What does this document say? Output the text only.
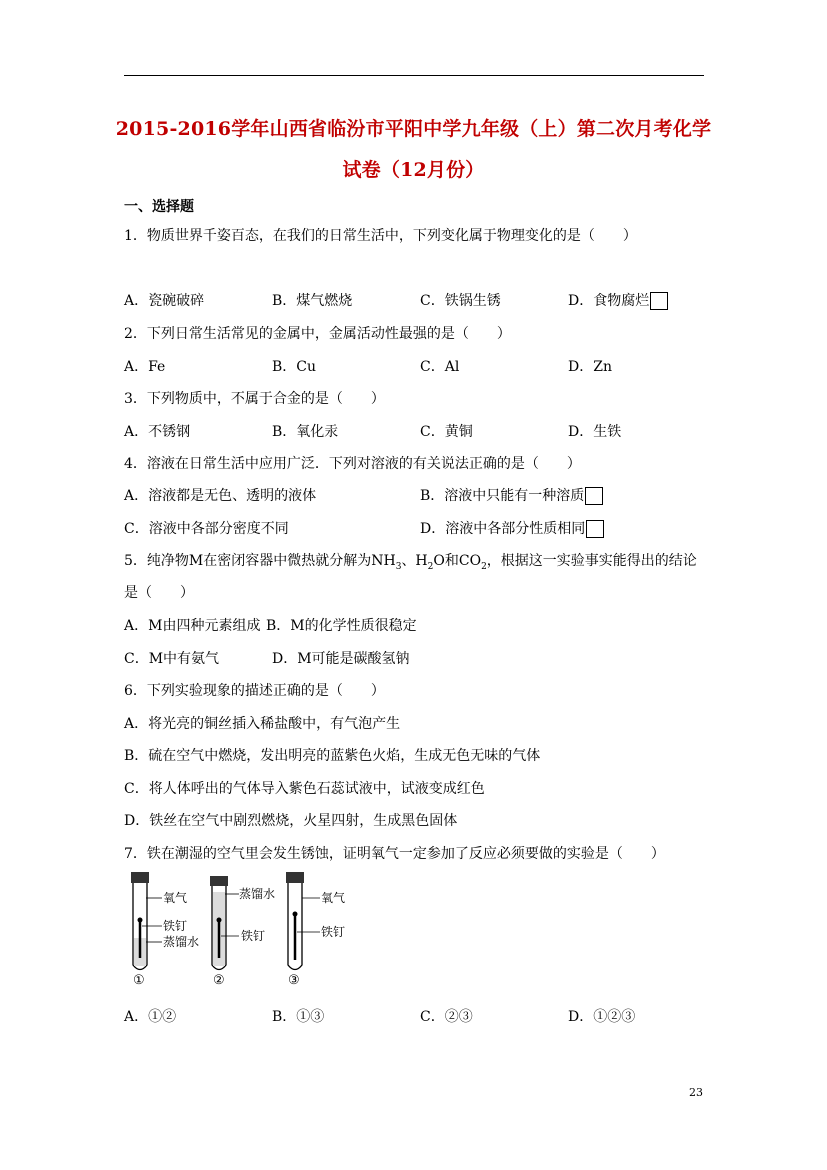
2015-2016学年山西省临汾市平阳中学九年级（上）第二次月考化学
试卷（12月份）
一、选择题
1．物质世界千姿百态，在我们的日常生活中，下列变化属于物理变化的是（　　）
A．瓷碗破碎	B．煤气燃烧	C．铁锅生锈	D．食物腐烂
2．下列日常生活常见的金属中，金属活动性最强的是（　　）
A．Fe	B．Cu	C．Al	D．Zn
3．下列物质中，不属于合金的是（　　）
A．不锈钢	B．氧化汞	C．黄铜	D．生铁
4．溶液在日常生活中应用广泛．下列对溶液的有关说法正确的是（　　）
A．溶液都是无色、透明的液体	B．溶液中只能有一种溶质
C．溶液中各部分密度不同	D．溶液中各部分性质相同
5．纯净物M在密闭容器中微热就分解为$NH_3$、$H_2O$和$CO_2$，根据这一实验事实能得出的结论
是（　　）
A．M由四种元素组成 B．M的化学性质很稳定
C．M中有氨气	D．M可能是碳酸氢钠
6．下列实验现象的描述正确的是（　　）
A．将光亮的铜丝插入稀盐酸中，有气泡产生
B．硫在空气中燃烧，发出明亮的蓝紫色火焰，生成无色无味的气体
C．将人体呼出的气体导入紫色石蕊试液中，试液变成红色
D．铁丝在空气中剧烈燃烧，火星四射，生成黑色固体
7．铁在潮湿的空气里会发生锈蚀，证明氧气一定参加了反应必须要做的实验是（　　）
氧气
铁钉
蒸馏水
①
蒸馏水
铁钉
②
氧气
铁钉
③
A．①②	B．①③	C．②③	D．①②③
23
